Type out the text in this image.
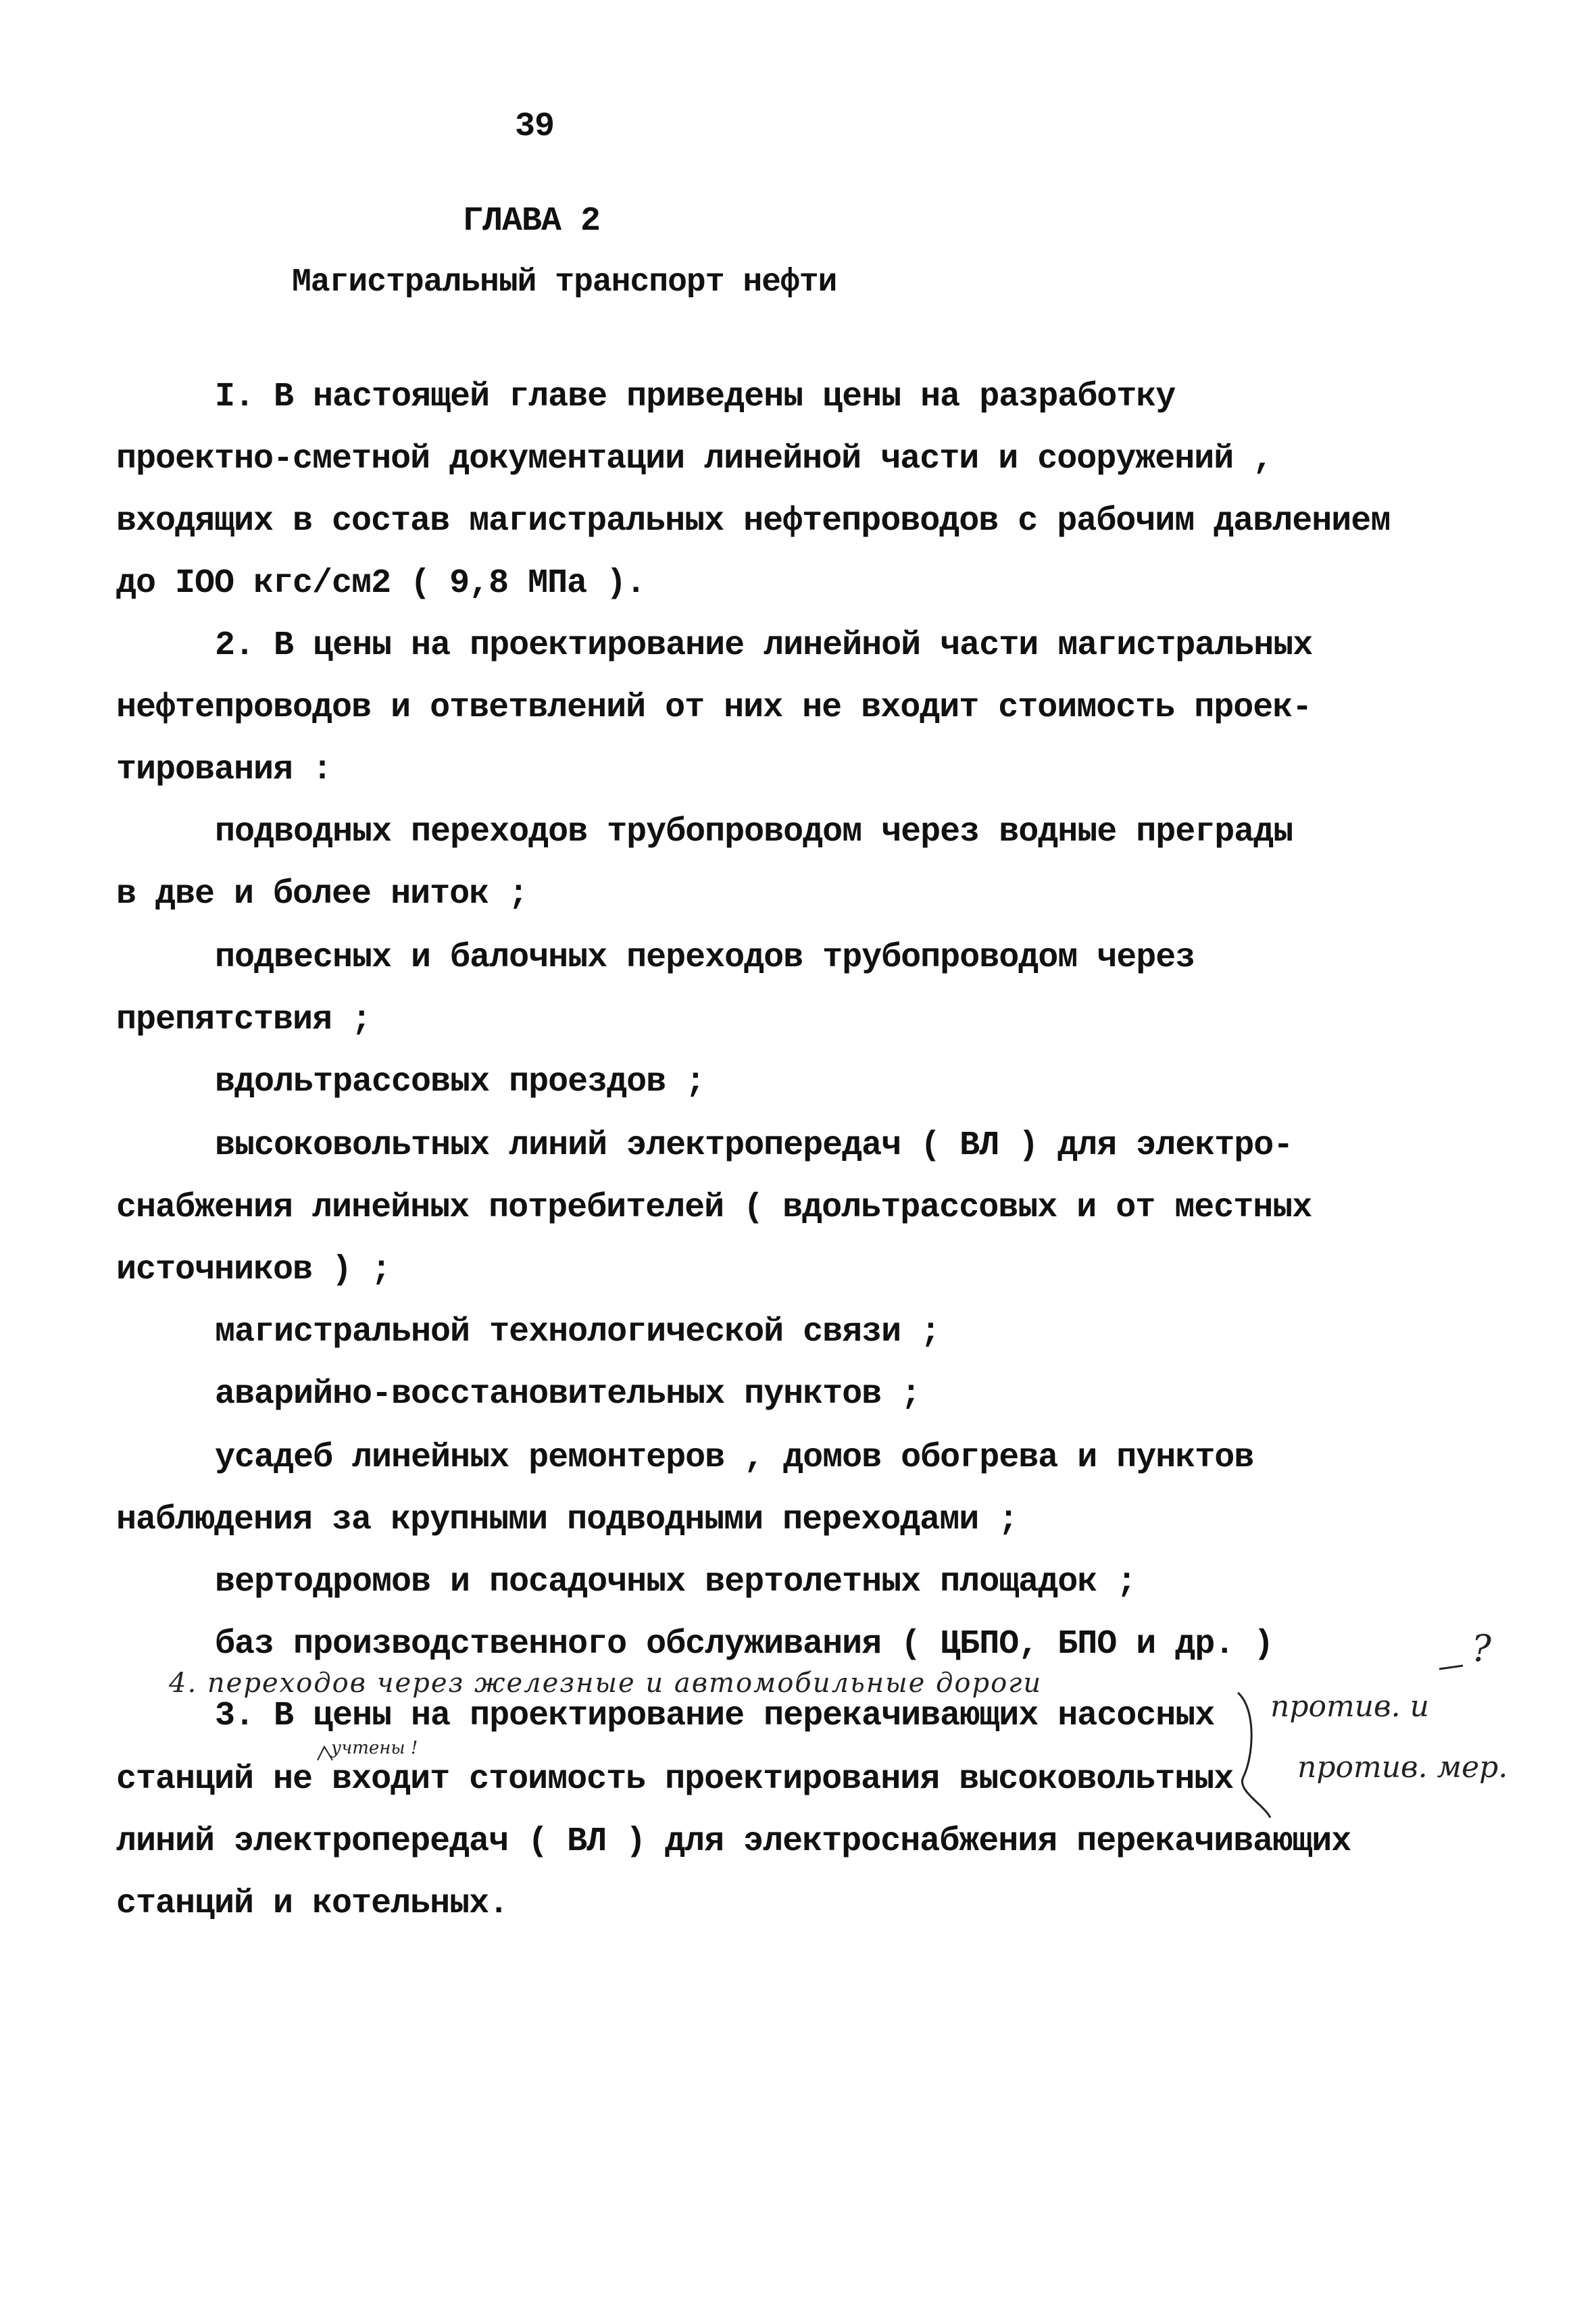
39
ГЛАВА 2
Магистральный транспорт нефти
I. В настоящей главе приведены цены на разработку
проектно-сметной документации линейной части и сооружений ,
входящих в состав магистральных нефтепроводов с рабочим давлением
до IOO кгс/см2 ( 9,8 МПа ).
2. В цены на проектирование линейной части магистральных
нефтепроводов и ответвлений от них не входит стоимость проек-
тирования :
подводных переходов трубопроводом через водные преграды
в две и более ниток ;
подвесных и балочных переходов трубопроводом через
препятствия ;
вдольтрассовых проездов ;
высоковольтных линий электропередач ( ВЛ ) для электро-
снабжения линейных потребителей ( вдольтрассовых и от местных
источников ) ;
магистральной технологической связи ;
аварийно-восстановительных пунктов ;
усадеб линейных ремонтеров , домов обогрева и пунктов
наблюдения за крупными подводными переходами ;
вертодромов и посадочных вертолетных площадок ;
баз производственного обслуживания ( ЦБПО, БПО и др. )
3. В цены на проектирование перекачивающих насосных
станций не входит стоимость проектирования высоковольтных
линий электропередач ( ВЛ ) для электроснабжения перекачивающих
станций и котельных.
4. переходов через железные и автомобильные дороги
учтены !
?
против. и
против. мер.
